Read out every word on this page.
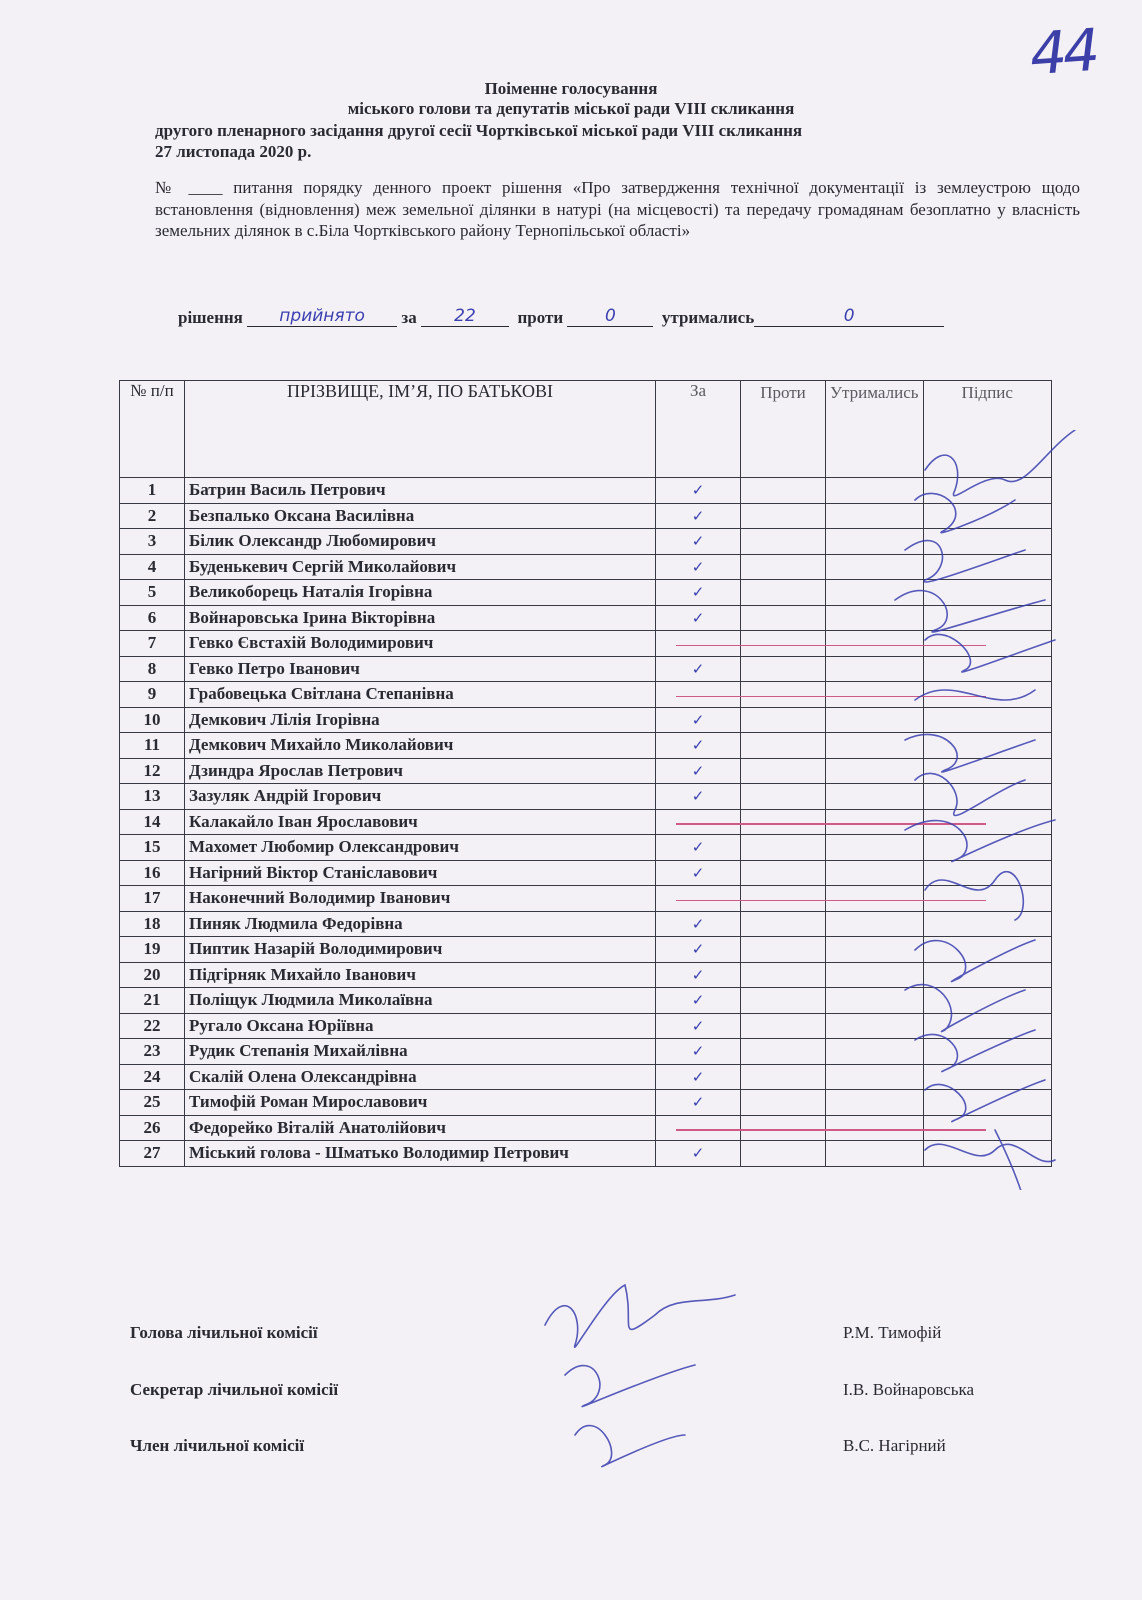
44
Поіменне голосування
міського голови та депутатів міської ради VIII скликання
другого пленарного засідання другої сесії Чортківської міської ради VIII скликання
27 листопада 2020 р.
№ ____ питання порядку денного проект рішення «Про затвердження технічної документації із землеустрою щодо встановлення (відновлення) меж земельної ділянки в натурі (на місцевості) та передачу громадянам безоплатно у власність земельних ділянок в с.Біла Чортківського району Тернопільської області»
рішення прийнято за 22 проти 0	утримались	0
№ п/п	ПРІЗВИЩЕ, ІМ’Я, ПО БАТЬКОВІ	За	Проти	Утримались	Підпис
1	Батрин Василь Петрович	✓			
2	Безпалько Оксана Василівна	✓			
3	Білик Олександр Любомирович	✓			
4	Буденькевич Сергій Миколайович	✓			
5	Великоборець Наталія Ігорівна	✓			
6	Войнаровська Ірина Вікторівна	✓			
7	Гевко Євстахій Володимирович				
8	Гевко Петро Іванович	✓			
9	Грабовецька Світлана Степанівна				
10	Демкович Лілія Ігорівна	✓			
11	Демкович Михайло Миколайович	✓			
12	Дзиндра Ярослав Петрович	✓			
13	Зазуляк Андрій Ігорович	✓			
14	Калакайло Іван Ярославович				
15	Махомет Любомир Олександрович	✓			
16	Нагірний Віктор Станіславович	✓			
17	Наконечний Володимир Іванович				
18	Пиняк Людмила Федорівна	✓			
19	Пиптик Назарій Володимирович	✓			
20	Підгірняк Михайло Іванович	✓			
21	Поліщук Людмила Миколаївна	✓			
22	Ругало Оксана Юріївна	✓			
23	Рудик Степанія Михайлівна	✓			
24	Скалій Олена Олександрівна	✓			
25	Тимофій Роман Мирославович	✓			
26	Федорейко Віталій Анатолійович				
27	Міський голова - Шматько Володимир Петрович	✓			
Голова лічильної комісії	Р.М. Тимофій
Секретар лічильної комісії	І.В. Войнаровська
Член лічильної комісії	В.С. Нагірний
